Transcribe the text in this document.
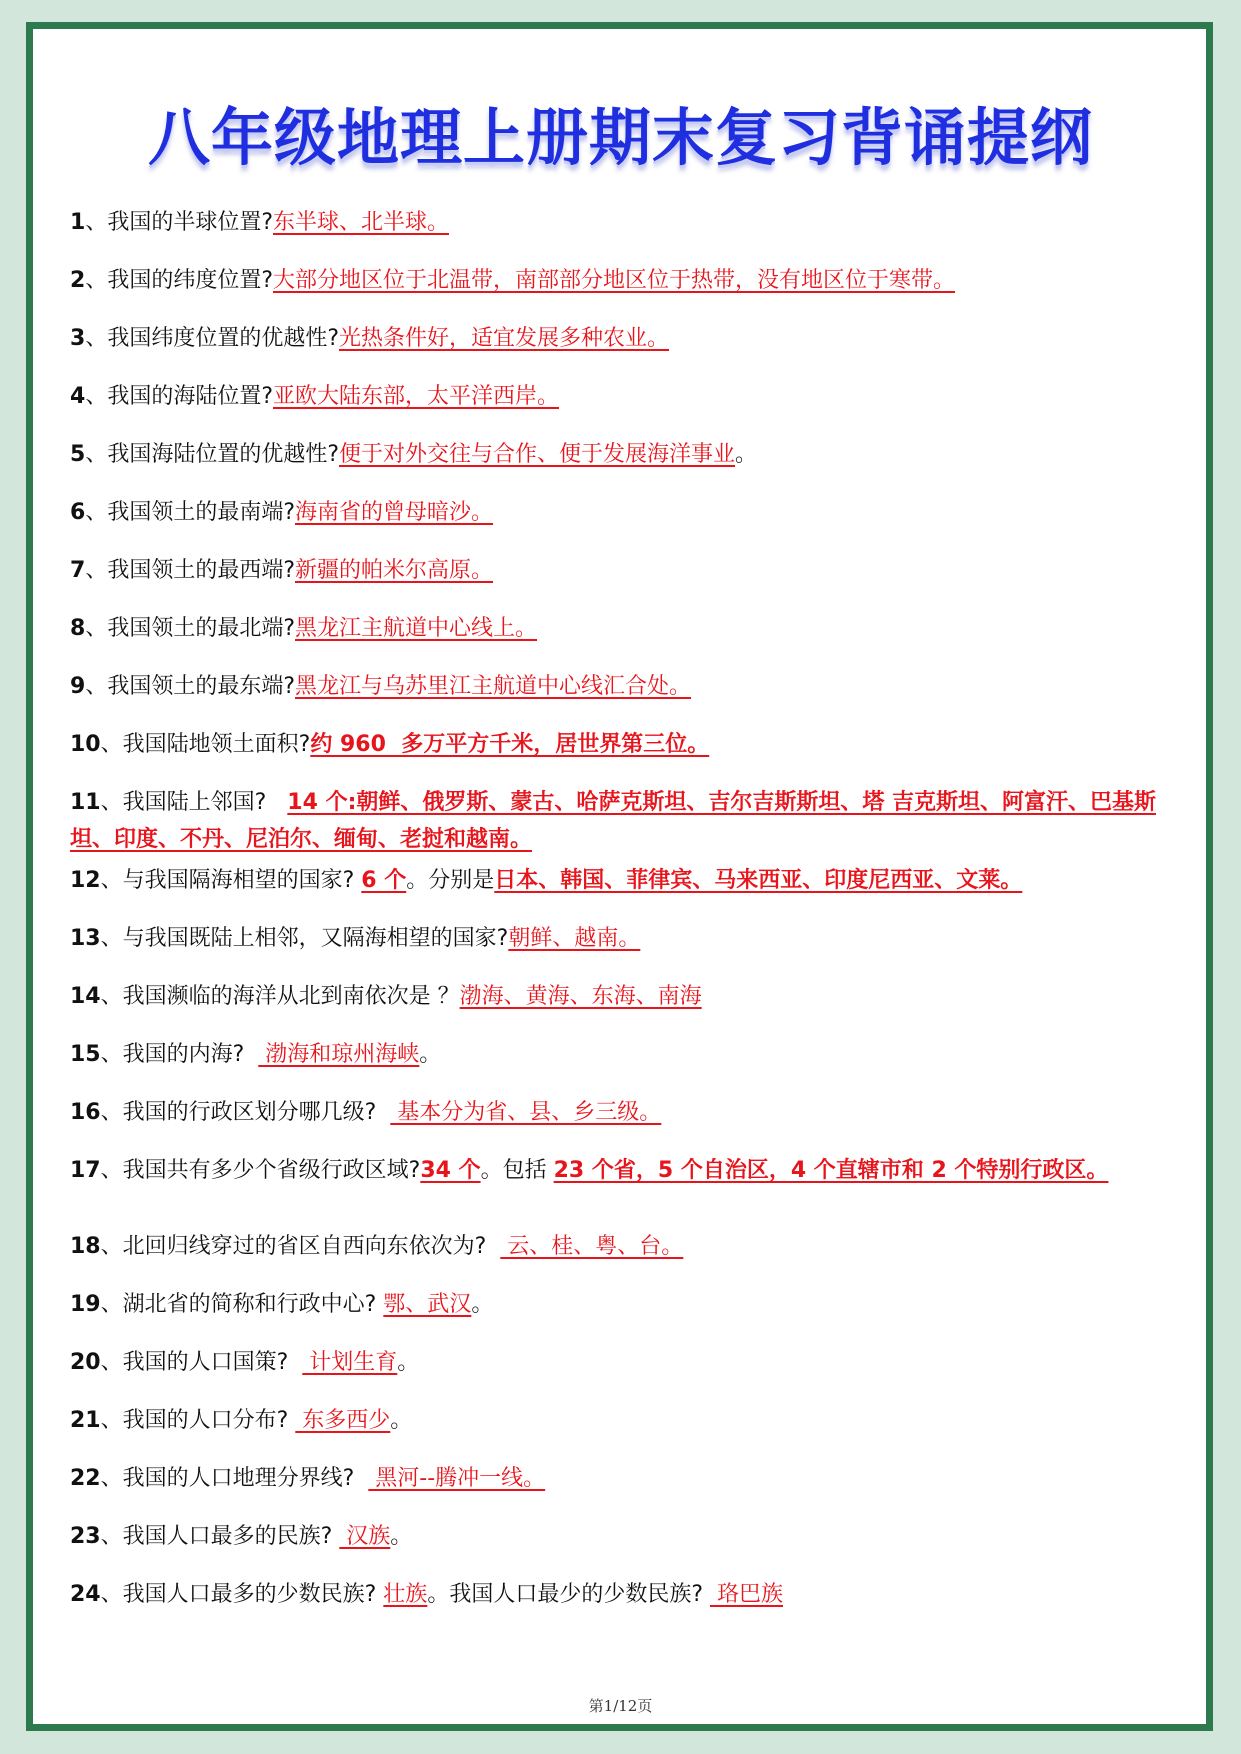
八年级地理上册期末复习背诵提纲
1、我国的半球位置?东半球、北半球。
2、我国的纬度位置?大部分地区位于北温带，南部部分地区位于热带，没有地区位于寒带。
3、我国纬度位置的优越性?光热条件好，适宜发展多种农业。
4、我国的海陆位置?亚欧大陆东部，太平洋西岸。
5、我国海陆位置的优越性?便于对外交往与合作、便于发展海洋事业。
6、我国领土的最南端?海南省的曾母暗沙。
7、我国领土的最西端?新疆的帕米尔高原。
8、我国领土的最北端?黑龙江主航道中心线上。
9、我国领土的最东端?黑龙江与乌苏里江主航道中心线汇合处。
10、我国陆地领土面积?约 960  多万平方千米，居世界第三位。
11、我国陆上邻国?   14 个:朝鲜、俄罗斯、蒙古、哈萨克斯坦、吉尔吉斯斯坦、塔 吉克斯坦、阿富汗、巴基斯坦、印度、不丹、尼泊尔、缅甸、老挝和越南。
12、与我国隔海相望的国家? 6 个。分别是日本、韩国、菲律宾、马来西亚、印度尼西亚、文莱。
13、与我国既陆上相邻，又隔海相望的国家?朝鲜、越南。
14、我国濒临的海洋从北到南依次是 ？渤海、黄海、东海、南海
15、我国的内海?   渤海和琼州海峡。
16、我国的行政区划分哪几级?   基本分为省、县、乡三级。
17、我国共有多少个省级行政区域?34 个。包括 23 个省，5 个自治区，4 个直辖市和 2 个特别行政区。
18、北回归线穿过的省区自西向东依次为?   云、桂、粤、台。
19、湖北省的简称和行政中心? 鄂、武汉。
20、我国的人口国策?   计划生育。
21、我国的人口分布?  东多西少。
22、我国的人口地理分界线?   黑河--腾冲一线。
23、我国人口最多的民族?  汉族。
24、我国人口最多的少数民族? 壮族。我国人口最少的少数民族?  珞巴族
第1/12页
